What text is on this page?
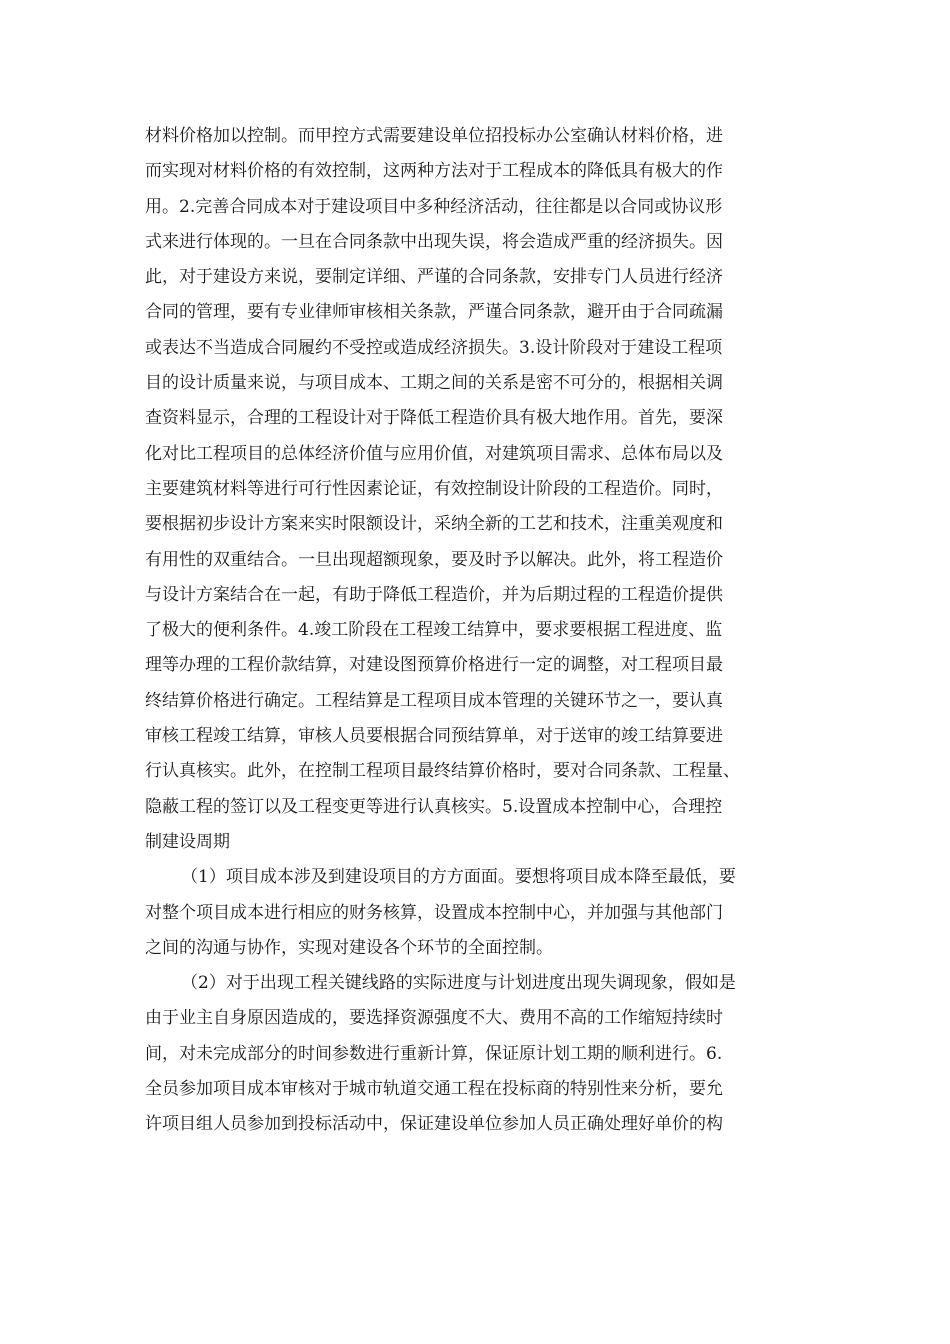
材料价格加以控制。而甲控方式需要建设单位招投标办公室确认材料价格，进
而实现对材料价格的有效控制，这两种方法对于工程成本的降低具有极大的作
用。2.完善合同成本对于建设项目中多种经济活动，往往都是以合同或协议形
式来进行体现的。一旦在合同条款中出现失误，将会造成严重的经济损失。因
此，对于建设方来说，要制定详细、严谨的合同条款，安排专门人员进行经济
合同的管理，要有专业律师审核相关条款，严谨合同条款，避开由于合同疏漏
或表达不当造成合同履约不受控或造成经济损失。3.设计阶段对于建设工程项
目的设计质量来说，与项目成本、工期之间的关系是密不可分的，根据相关调
查资料显示，合理的工程设计对于降低工程造价具有极大地作用。首先，要深
化对比工程项目的总体经济价值与应用价值，对建筑项目需求、总体布局以及
主要建筑材料等进行可行性因素论证，有效控制设计阶段的工程造价。同时，
要根据初步设计方案来实时限额设计，采纳全新的工艺和技术，注重美观度和
有用性的双重结合。一旦出现超额现象，要及时予以解决。此外，将工程造价
与设计方案结合在一起，有助于降低工程造价，并为后期过程的工程造价提供
了极大的便利条件。4.竣工阶段在工程竣工结算中，要求要根据工程进度、监
理等办理的工程价款结算，对建设图预算价格进行一定的调整，对工程项目最
终结算价格进行确定。工程结算是工程项目成本管理的关键环节之一，要认真
审核工程竣工结算，审核人员要根据合同预结算单，对于送审的竣工结算要进
行认真核实。此外，在控制工程项目最终结算价格时，要对合同条款、工程量、
隐蔽工程的签订以及工程变更等进行认真核实。5.设置成本控制中心，合理控
制建设周期
（1）项目成本涉及到建设项目的方方面面。要想将项目成本降至最低，要
对整个项目成本进行相应的财务核算，设置成本控制中心，并加强与其他部门
之间的沟通与协作，实现对建设各个环节的全面控制。
（2）对于出现工程关键线路的实际进度与计划进度出现失调现象，假如是
由于业主自身原因造成的，要选择资源强度不大、费用不高的工作缩短持续时
间，对未完成部分的时间参数进行重新计算，保证原计划工期的顺利进行。6.
全员参加项目成本审核对于城市轨道交通工程在投标商的特别性来分析，要允
许项目组人员参加到投标活动中，保证建设单位参加人员正确处理好单价的构
